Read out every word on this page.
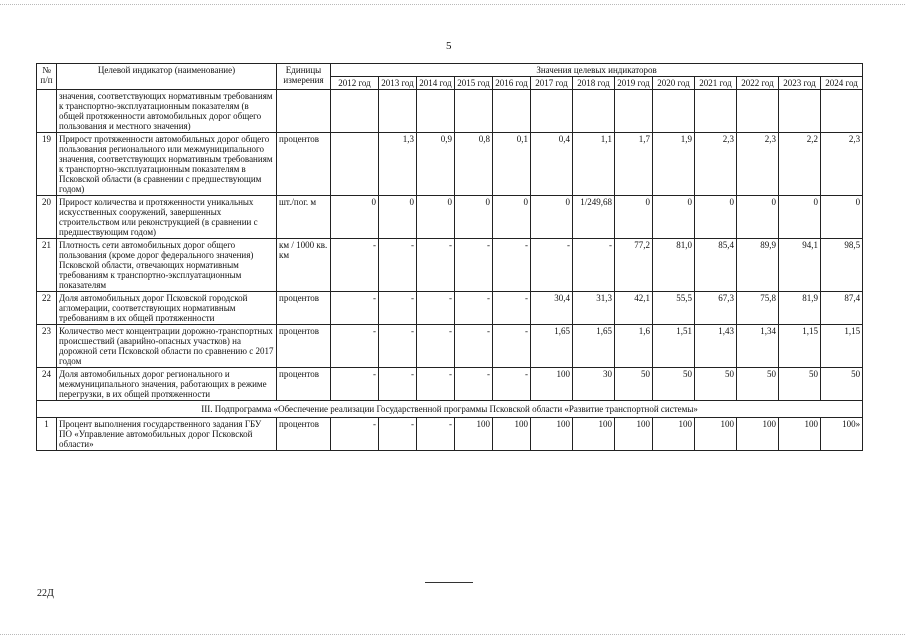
5
№ п/п	Целевой индикатор (наименование)	Единицы измерения	Значения целевых индикаторов												
			2012 год	2013 год	2014 год	2015 год	2016 год	2017 год	2018 год	2019 год	2020 год	2021 год	2022 год	2023 год	2024 год
	значения, соответствующих нормативным требованиям к транспортно-эксплуатационным показателям (в общей протяженности автомобильных дорог общего пользования и местного значения)														
19	Прирост протяженности автомобильных дорог общего пользования регионального или межмуниципального значения, соответствующих нормативным требованиям к транспортно-эксплуатационным показателям в Псковской области (в сравнении с предшествующим годом)	процентов		1,3	0,9	0,8	0,1	0,4	1,1	1,7	1,9	2,3	2,3	2,2	2,3
20	Прирост количества и протяженности уникальных искусственных сооружений, завершенных строительством или реконструкцией (в сравнении с предшествующим годом)	шт./пог. м	0	0	0	0	0	0	1/249,68	0	0	0	0	0	0
21	Плотность сети автомобильных дорог общего пользования (кроме дорог федерального значения) Псковской области, отвечающих нормативным требованиям к транспортно-эксплуатационным показателям	км / 1000 кв. км	-	-	-	-	-	-	-	77,2	81,0	85,4	89,9	94,1	98,5
22	Доля автомобильных дорог Псковской городской агломерации, соответствующих нормативным требованиям в их общей протяженности	процентов	-	-	-	-	-	30,4	31,3	42,1	55,5	67,3	75,8	81,9	87,4
23	Количество мест концентрации дорожно-транспортных происшествий (аварийно-опасных участков) на дорожной сети Псковской области по сравнению с 2017 годом	процентов	-	-	-	-	-	1,65	1,65	1,6	1,51	1,43	1,34	1,15	1,15
24	Доля автомобильных дорог регионального и межмуниципального значения, работающих в режиме перегрузки, в их общей протяженности	процентов	-	-	-	-	-	100	30	50	50	50	50	50	50
III. Подпрограмма «Обеспечение реализации Государственной программы Псковской области «Развитие транспортной системы»															
1	Процент выполнения государственного задания ГБУ ПО «Управление автомобильных дорог Псковской области»	процентов	-	-	-	100	100	100	100	100	100	100	100	100	100»
22Д
